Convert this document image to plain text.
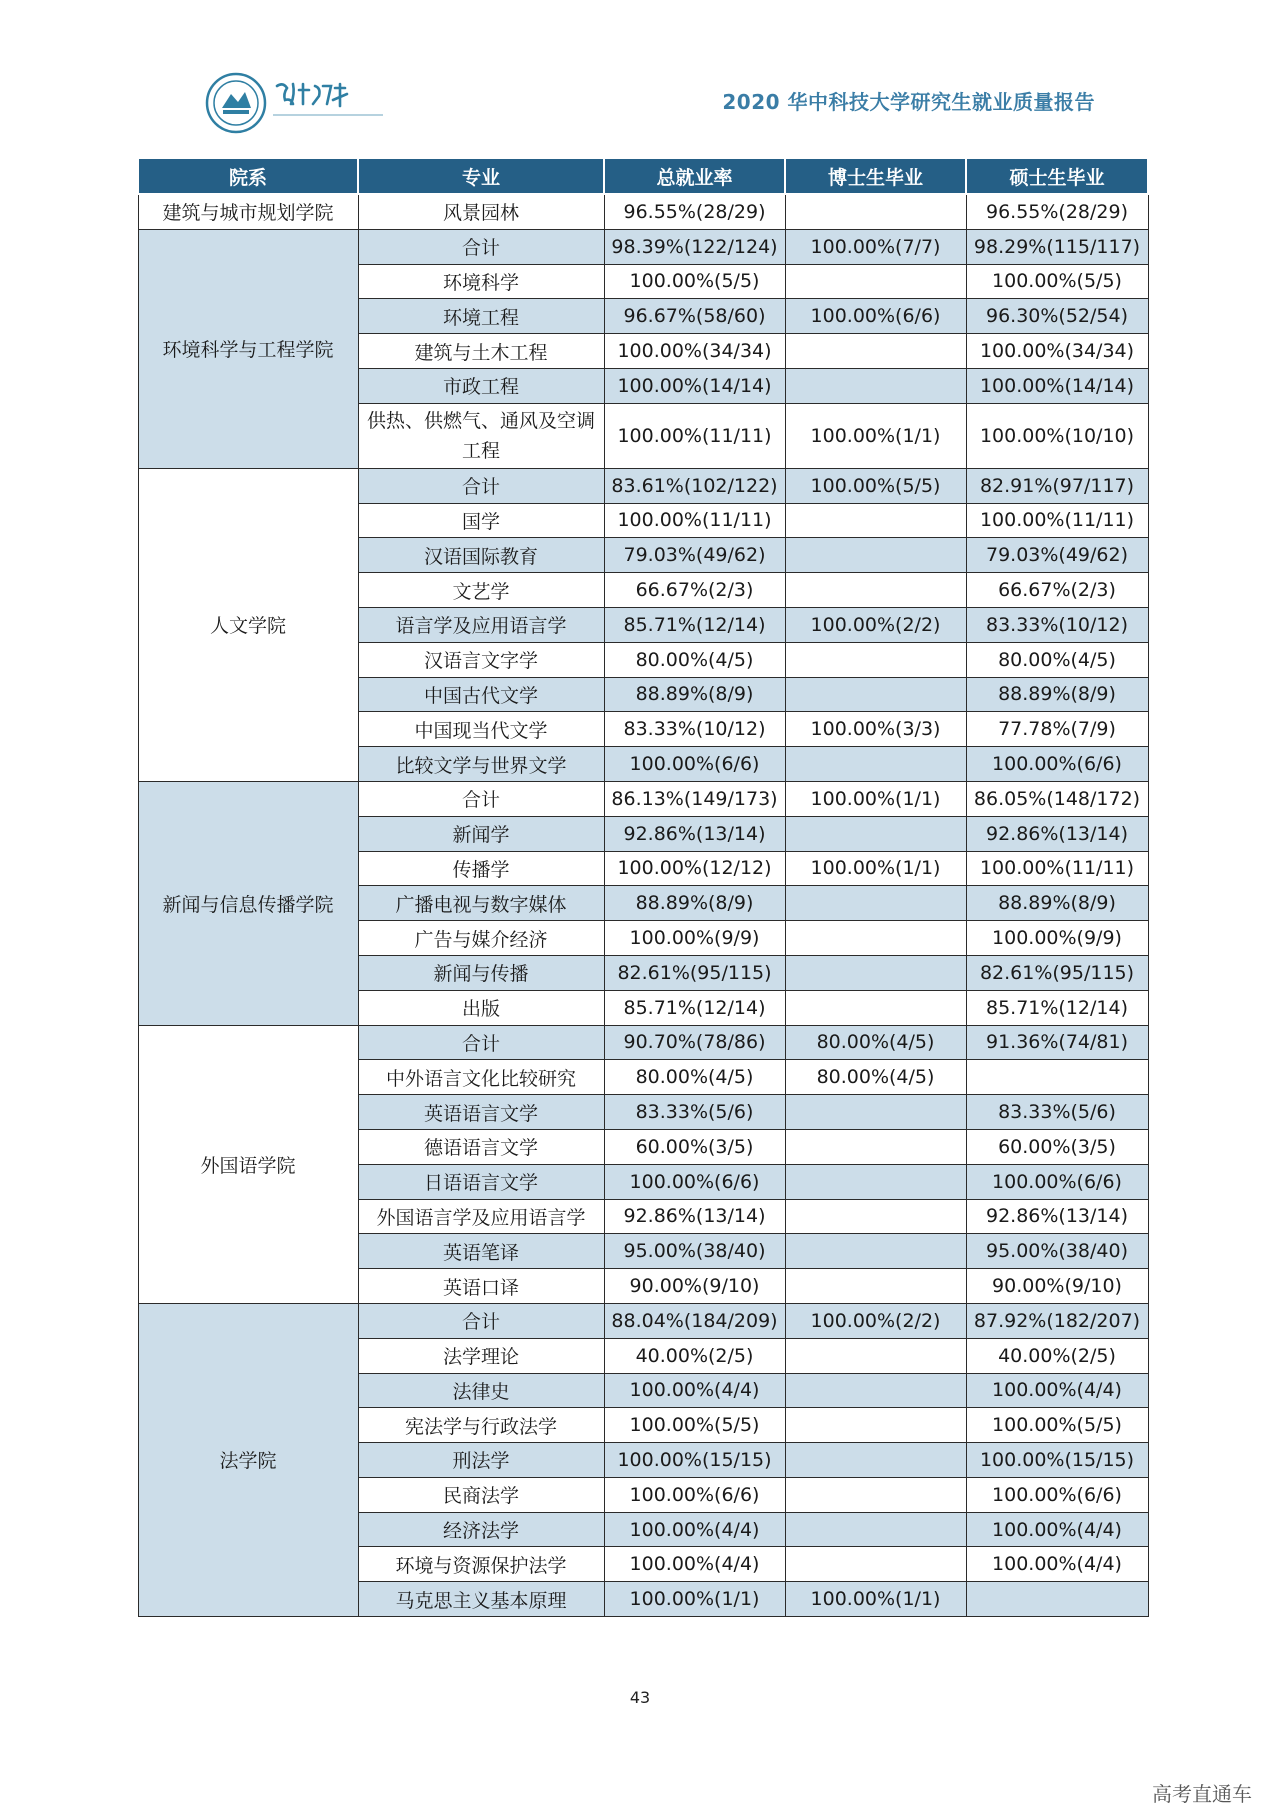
2020 华中科技大学研究生就业质量报告
院系	专业	总就业率	博士生毕业	硕士生毕业
建筑与城市规划学院	风景园林	96.55%(28/29)		96.55%(28/29)
环境科学与工程学院	合计	98.39%(122/124)	100.00%(7/7)	98.29%(115/117)
	环境科学	100.00%(5/5)		100.00%(5/5)
	环境工程	96.67%(58/60)	100.00%(6/6)	96.30%(52/54)
	建筑与土木工程	100.00%(34/34)		100.00%(34/34)
	市政工程	100.00%(14/14)		100.00%(14/14)
	供热、供燃气、通风及空调工程	100.00%(11/11)	100.00%(1/1)	100.00%(10/10)
人文学院	合计	83.61%(102/122)	100.00%(5/5)	82.91%(97/117)
	国学	100.00%(11/11)		100.00%(11/11)
	汉语国际教育	79.03%(49/62)		79.03%(49/62)
	文艺学	66.67%(2/3)		66.67%(2/3)
	语言学及应用语言学	85.71%(12/14)	100.00%(2/2)	83.33%(10/12)
	汉语言文字学	80.00%(4/5)		80.00%(4/5)
	中国古代文学	88.89%(8/9)		88.89%(8/9)
	中国现当代文学	83.33%(10/12)	100.00%(3/3)	77.78%(7/9)
	比较文学与世界文学	100.00%(6/6)		100.00%(6/6)
新闻与信息传播学院	合计	86.13%(149/173)	100.00%(1/1)	86.05%(148/172)
	新闻学	92.86%(13/14)		92.86%(13/14)
	传播学	100.00%(12/12)	100.00%(1/1)	100.00%(11/11)
	广播电视与数字媒体	88.89%(8/9)		88.89%(8/9)
	广告与媒介经济	100.00%(9/9)		100.00%(9/9)
	新闻与传播	82.61%(95/115)		82.61%(95/115)
	出版	85.71%(12/14)		85.71%(12/14)
外国语学院	合计	90.70%(78/86)	80.00%(4/5)	91.36%(74/81)
	中外语言文化比较研究	80.00%(4/5)	80.00%(4/5)	
	英语语言文学	83.33%(5/6)		83.33%(5/6)
	德语语言文学	60.00%(3/5)		60.00%(3/5)
	日语语言文学	100.00%(6/6)		100.00%(6/6)
	外国语言学及应用语言学	92.86%(13/14)		92.86%(13/14)
	英语笔译	95.00%(38/40)		95.00%(38/40)
	英语口译	90.00%(9/10)		90.00%(9/10)
法学院	合计	88.04%(184/209)	100.00%(2/2)	87.92%(182/207)
	法学理论	40.00%(2/5)		40.00%(2/5)
	法律史	100.00%(4/4)		100.00%(4/4)
	宪法学与行政法学	100.00%(5/5)		100.00%(5/5)
	刑法学	100.00%(15/15)		100.00%(15/15)
	民商法学	100.00%(6/6)		100.00%(6/6)
	经济法学	100.00%(4/4)		100.00%(4/4)
	环境与资源保护法学	100.00%(4/4)		100.00%(4/4)
	马克思主义基本原理	100.00%(1/1)	100.00%(1/1)	
43
高考直通车
